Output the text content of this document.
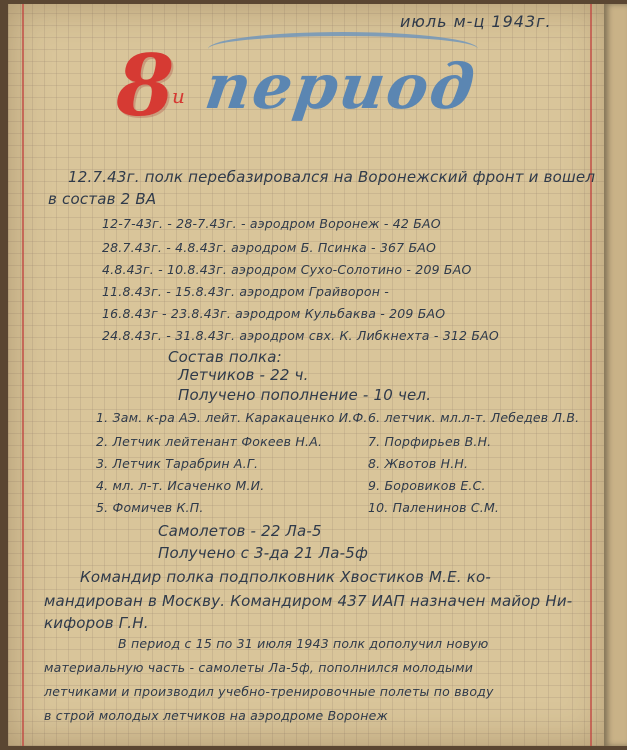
июль м-ц 1943г.
8
и период
12.7.43г. полк перебазировался на Воронежский фронт и вошел
в состав 2 ВА
12-7-43г. - 28-7.43г. - аэродром Воронеж - 42 БАО
28.7.43г. - 4.8.43г. аэродром Б. Псинка - 367 БАО
4.8.43г. - 10.8.43г. аэродром Сухо-Солотино - 209 БАО
11.8.43г. - 15.8.43г. аэродром Грайворон -
16.8.43г - 23.8.43г. аэродром Кульбаква - 209 БАО
24.8.43г. - 31.8.43г. аэродром свх. К. Либкнехта - 312 БАО
Состав полка:
Летчиков - 22 ч.
Получено пополнение - 10 чел.
1. Зам. к-ра АЭ. лейт. Каракаценко И.Ф.
2. Летчик лейтенант Фокеев Н.А.
3. Летчик Тарабрин А.Г.
4. мл. л-т. Исаченко М.И.
5. Фомичев К.П.
6. летчик. мл.л-т. Лебедев Л.В.
7. Порфирьев В.Н.
8. Жвотов Н.Н.
9. Боровиков Е.С.
10. Паленинов С.М.
Самолетов - 22 Ла-5
Получено с 3-да 21 Ла-5ф
Командир полка подполковник Хвостиков М.Е. ко-
мандирован в Москву. Командиром 437 ИАП назначен майор Ни-
кифоров Г.Н.
В период с 15 по 31 июля 1943 полк дополучил новую
материальную часть - самолеты Ла-5ф, пополнился молодыми
летчиками и производил учебно-тренировочные полеты по вводу
в строй молодых летчиков на аэродроме Воронеж
